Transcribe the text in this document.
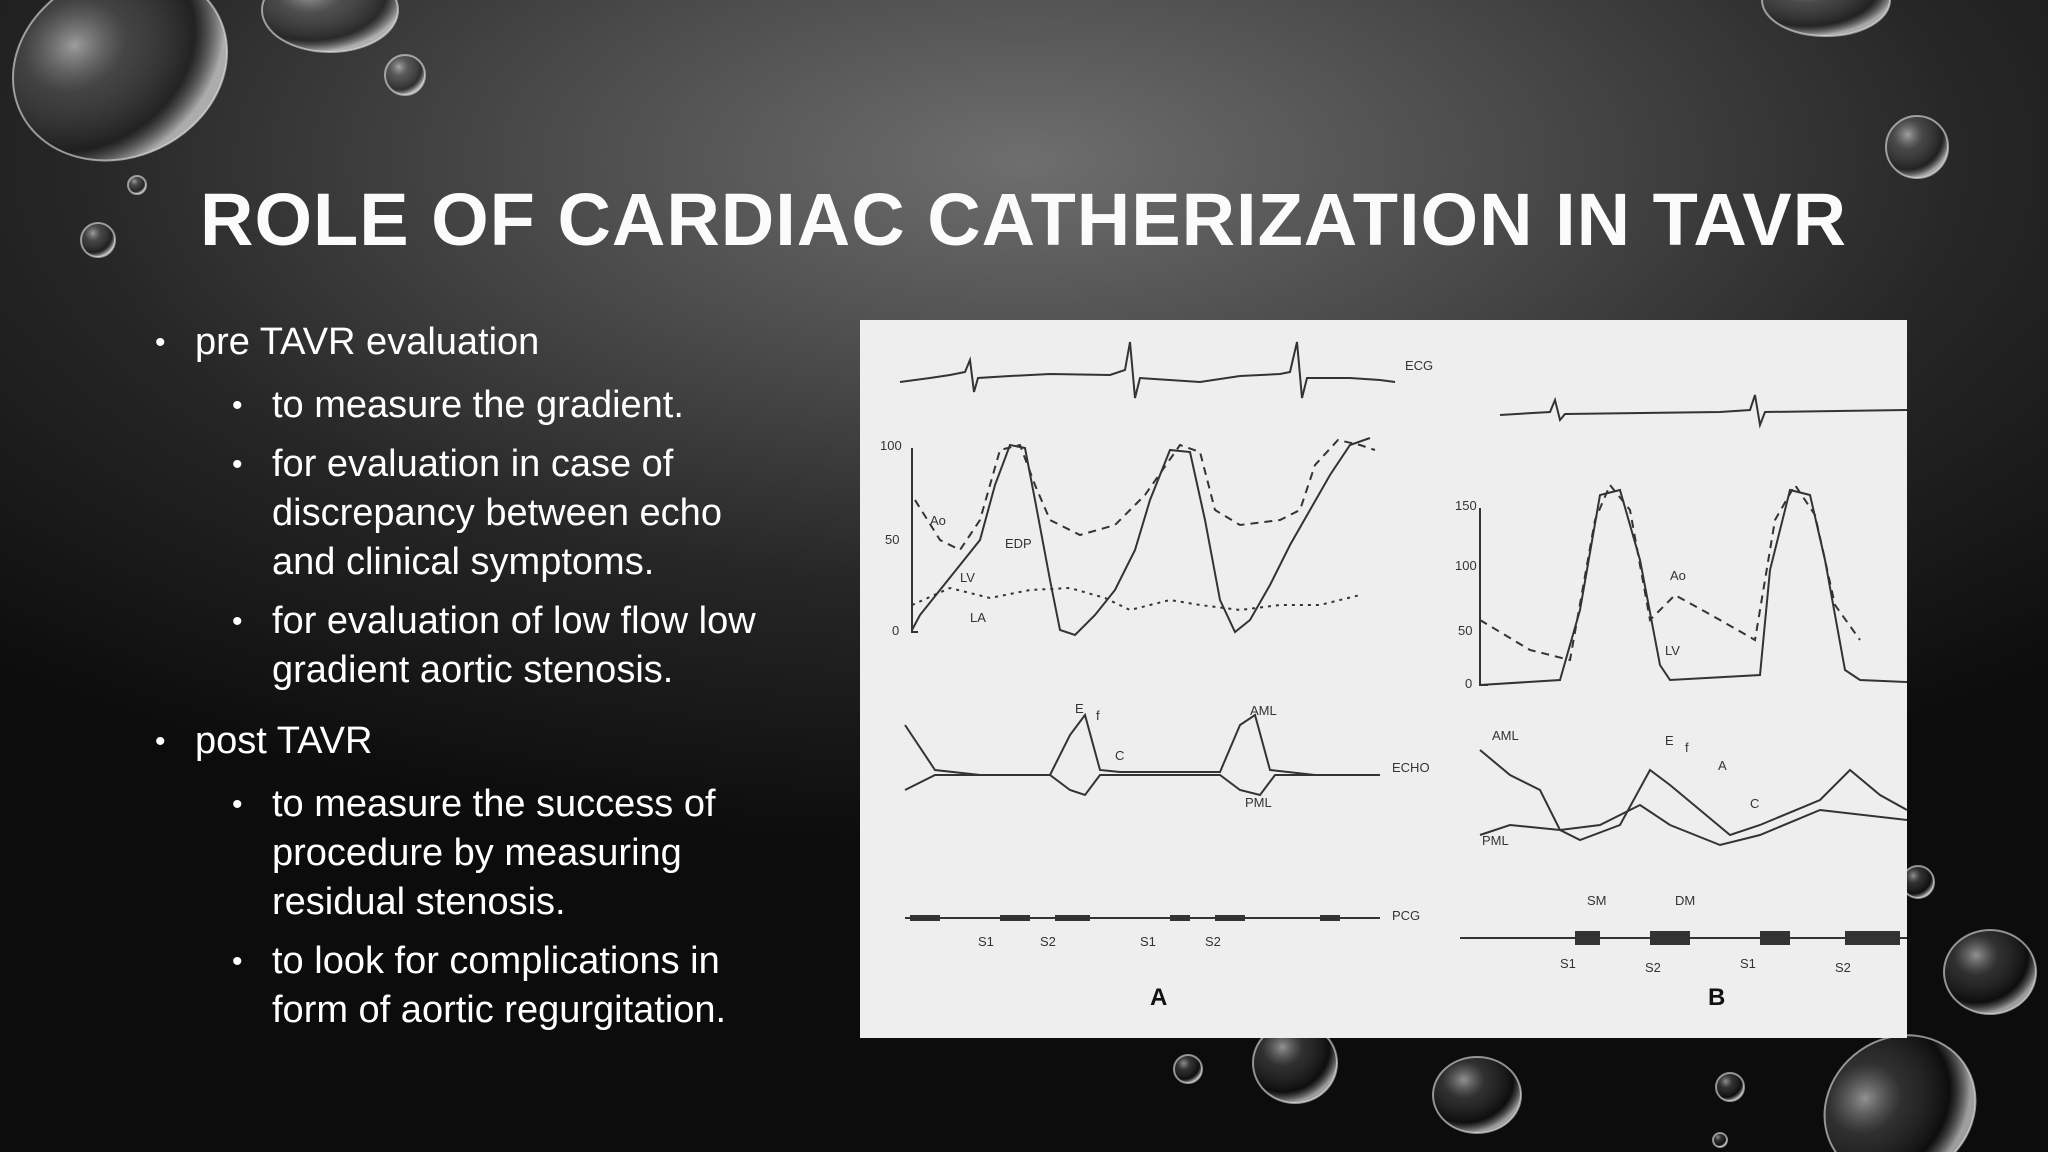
ROLE OF CARDIAC CATHERIZATION IN TAVR
• pre TAVR evaluation
• to measure the gradient.
• for evaluation in case of discrepancy between echo and clinical symptoms.
• for evaluation of low flow low gradient aortic stenosis.
• post TAVR
• to measure the success of procedure by measuring residual stenosis.
• to look for complications in form of aortic regurgitation.
ECG
100
50
0
Ao
EDP
LV
LA
E f
C
AML
PML
ECHO
PCG
S1	S2	S1	S2
A
150
100
50
0
Ao
LV
AML
PML
E f
A
C
SM	DM
S1	S2	S1	S2
B
